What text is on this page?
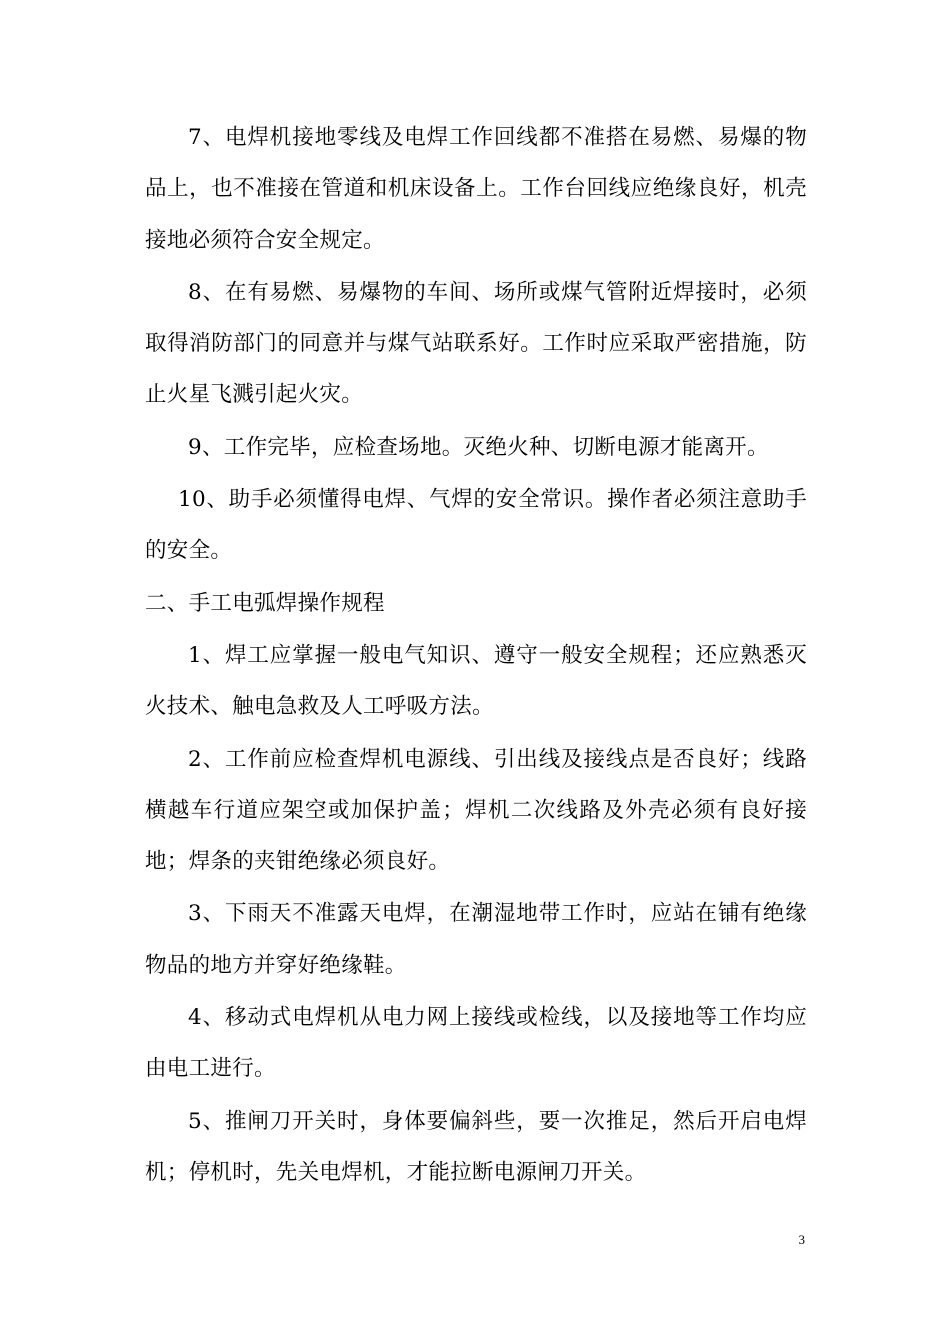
7、电焊机接地零线及电焊工作回线都不准搭在易燃、易爆的物品上，也不准接在管道和机床设备上。工作台回线应绝缘良好，机壳接地必须符合安全规定。

8、在有易燃、易爆物的车间、场所或煤气管附近焊接时，必须取得消防部门的同意并与煤气站联系好。工作时应采取严密措施，防止火星飞溅引起火灾。

9、工作完毕，应检查场地。灭绝火种、切断电源才能离开。

10、助手必须懂得电焊、气焊的安全常识。操作者必须注意助手的安全。

二、手工电弧焊操作规程

1、焊工应掌握一般电气知识、遵守一般安全规程；还应熟悉灭火技术、触电急救及人工呼吸方法。

2、工作前应检查焊机电源线、引出线及接线点是否良好；线路横越车行道应架空或加保护盖；焊机二次线路及外壳必须有良好接地；焊条的夹钳绝缘必须良好。

3、下雨天不准露天电焊，在潮湿地带工作时，应站在铺有绝缘物品的地方并穿好绝缘鞋。

4、移动式电焊机从电力网上接线或检线，以及接地等工作均应由电工进行。

5、推闸刀开关时，身体要偏斜些，要一次推足，然后开启电焊机；停机时，先关电焊机，才能拉断电源闸刀开关。

3
